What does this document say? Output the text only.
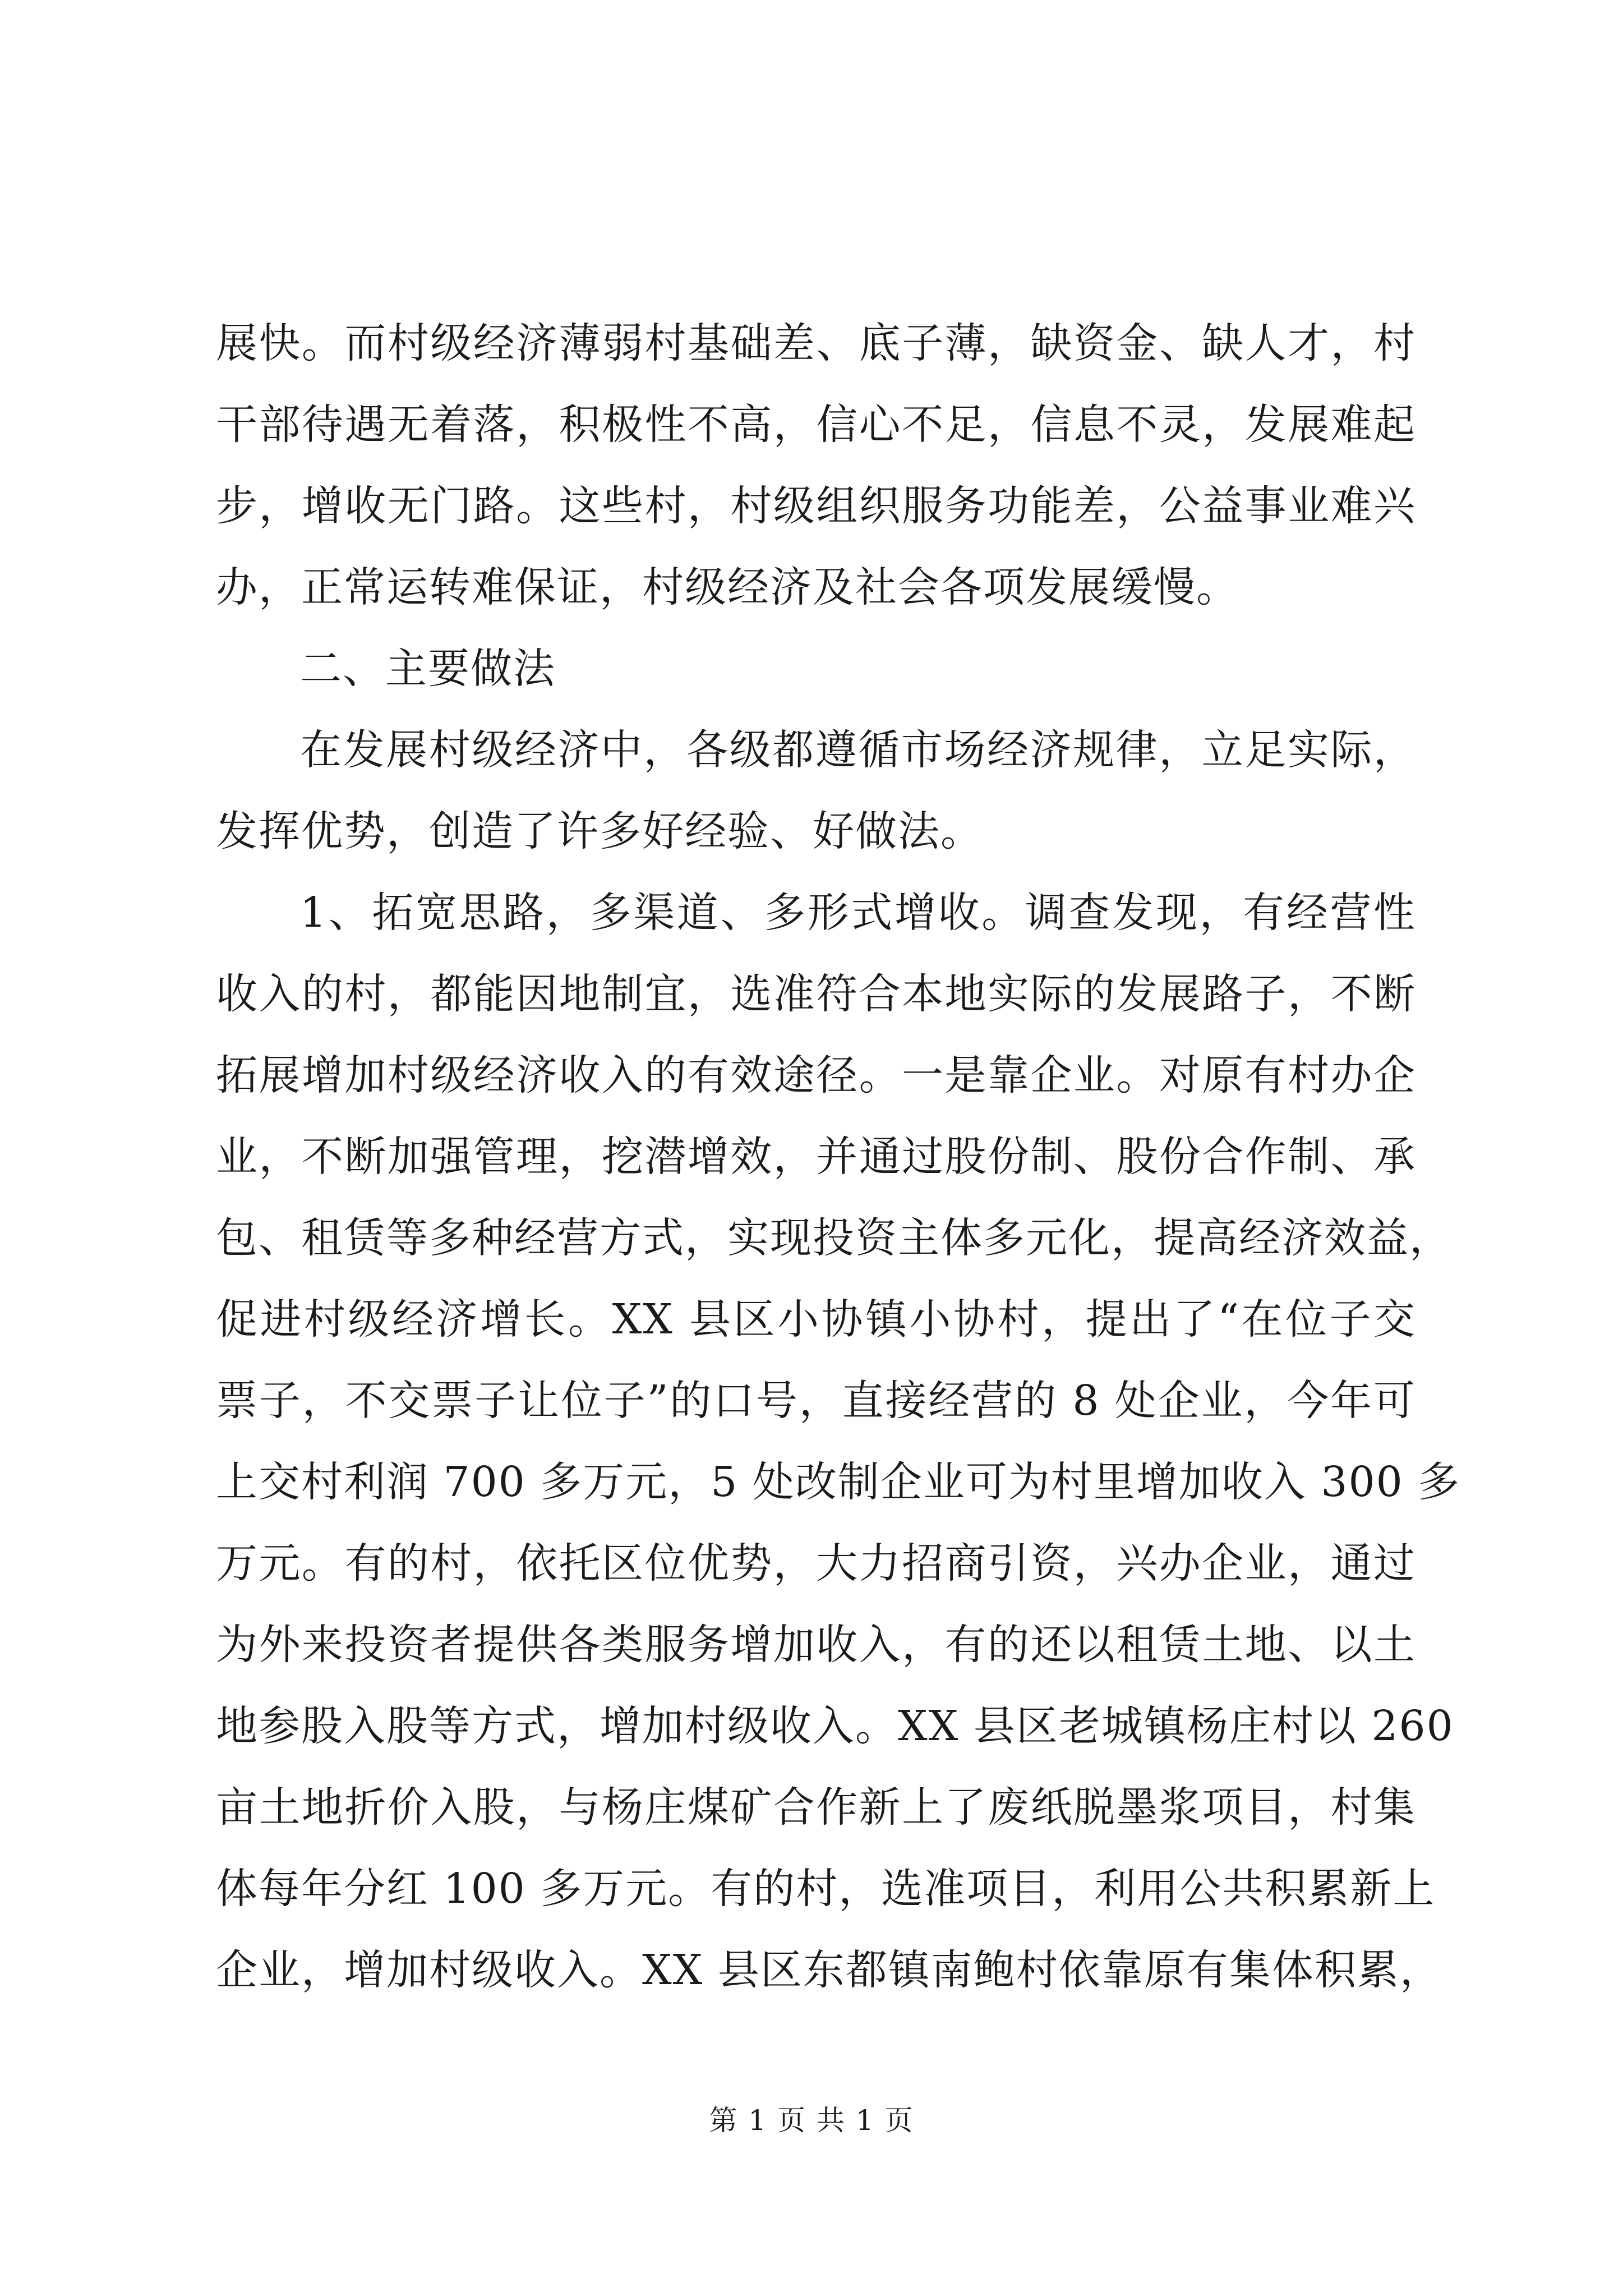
展快。而村级经济薄弱村基础差、底子薄，缺资金、缺人才，村
干部待遇无着落，积极性不高，信心不足，信息不灵，发展难起
步，增收无门路。这些村，村级组织服务功能差，公益事业难兴
办，正常运转难保证，村级经济及社会各项发展缓慢。
二、主要做法
在发展村级经济中，各级都遵循市场经济规律，立足实际，
发挥优势，创造了许多好经验、好做法。
1、拓宽思路，多渠道、多形式增收。调查发现，有经营性
收入的村，都能因地制宜，选准符合本地实际的发展路子，不断
拓展增加村级经济收入的有效途径。一是靠企业。对原有村办企
业，不断加强管理，挖潜增效，并通过股份制、股份合作制、承
包、租赁等多种经营方式，实现投资主体多元化，提高经济效益，
促进村级经济增长。XX 县区小协镇小协村，提出了“在位子交
票子，不交票子让位子”的口号，直接经营的 8 处企业，今年可
上交村利润 700 多万元，5 处改制企业可为村里增加收入 300 多
万元。有的村，依托区位优势，大力招商引资，兴办企业，通过
为外来投资者提供各类服务增加收入，有的还以租赁土地、以土
地参股入股等方式，增加村级收入。XX 县区老城镇杨庄村以 260
亩土地折价入股，与杨庄煤矿合作新上了废纸脱墨浆项目，村集
体每年分红 100 多万元。有的村，选准项目，利用公共积累新上
企业，增加村级收入。XX 县区东都镇南鲍村依靠原有集体积累，
第 1 页 共 1 页
